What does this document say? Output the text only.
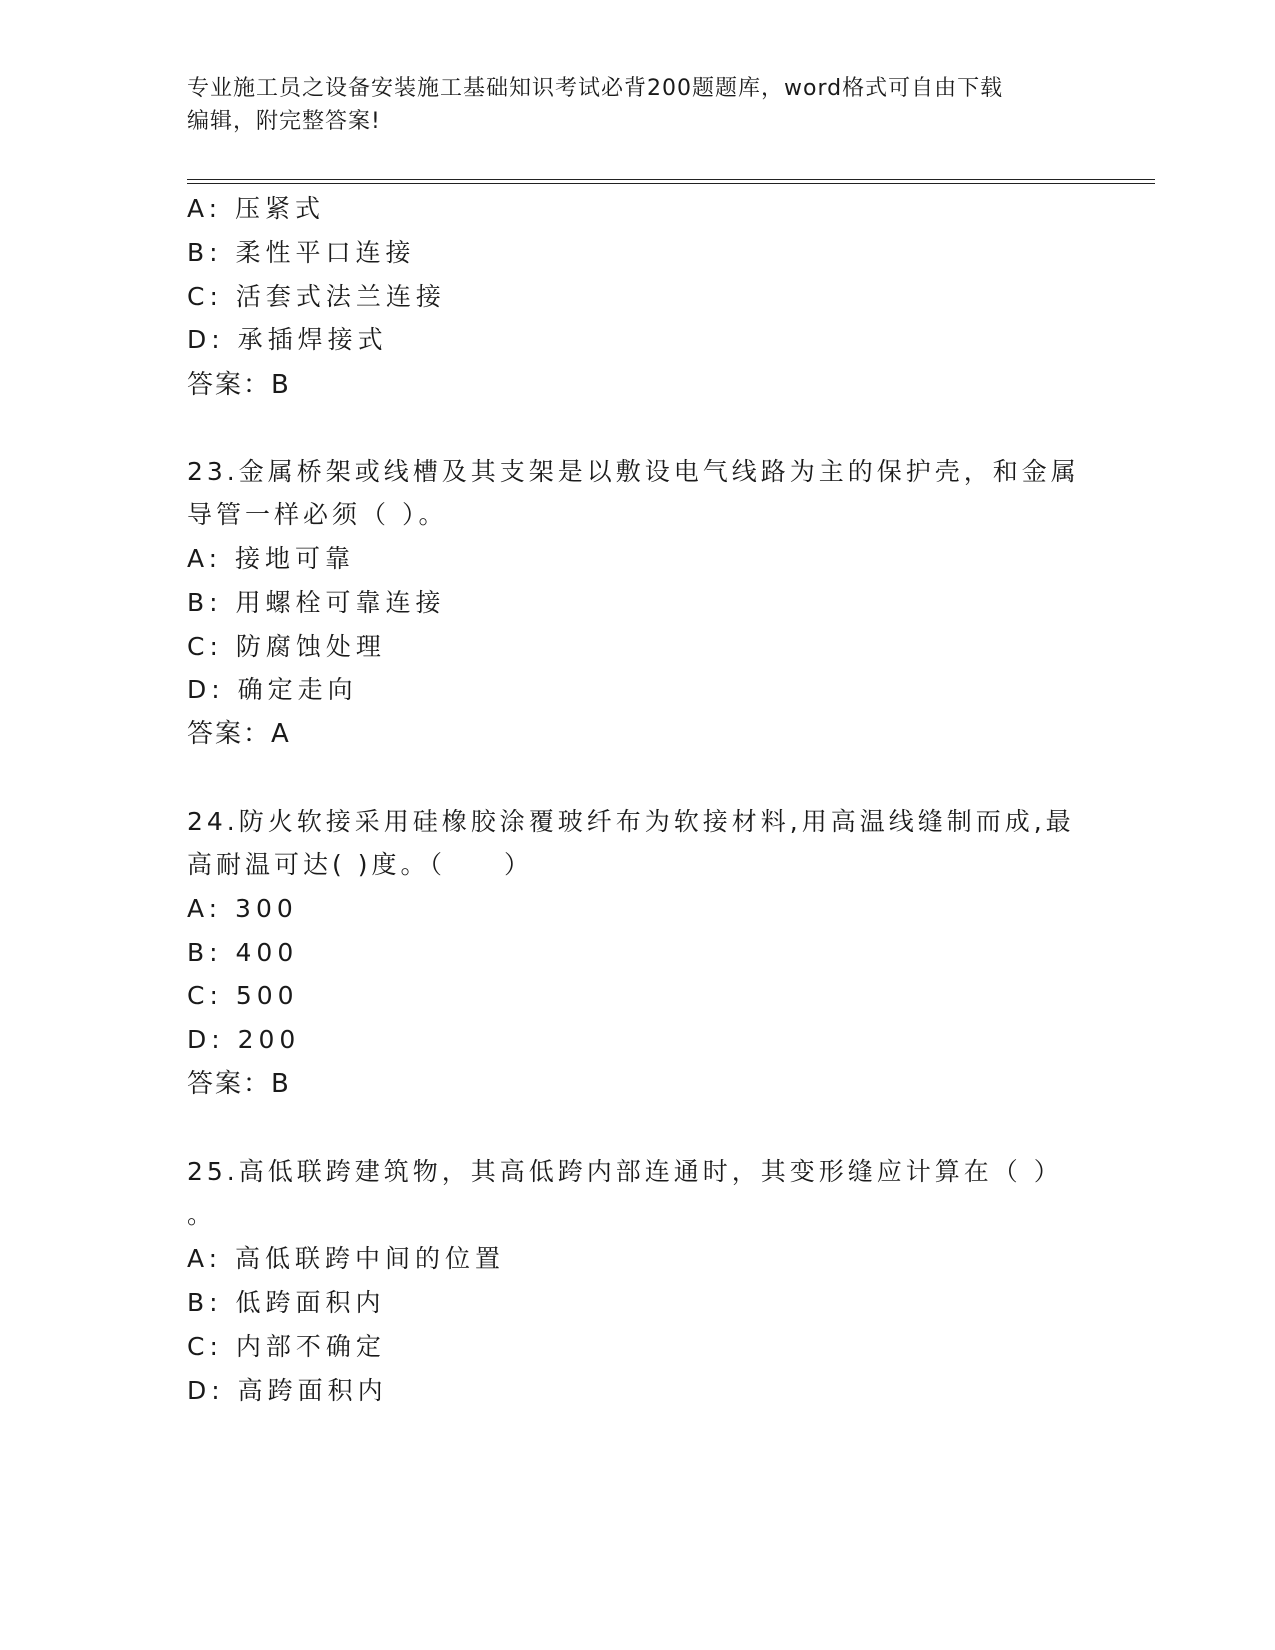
专业施工员之设备安装施工基础知识考试必背200题题库，word格式可自由下载
编辑，附完整答案!
A: 压紧式
B: 柔性平口连接
C: 活套式法兰连接
D: 承插焊接式
答案：B
23.金属桥架或线槽及其支架是以敷设电气线路为主的保护壳，和金属
导管一样必须（ ）。
A: 接地可靠
B: 用螺栓可靠连接
C: 防腐蚀处理
D: 确定走向
答案：A
24.防火软接采用硅橡胶涂覆玻纤布为软接材料,用高温线缝制而成,最
高耐温可达( )度。（　　）
A: 300
B: 400
C: 500
D: 200
答案：B
25.高低联跨建筑物，其高低跨内部连通时，其变形缝应计算在（ ）
。
A: 高低联跨中间的位置
B: 低跨面积内
C: 内部不确定
D: 高跨面积内
